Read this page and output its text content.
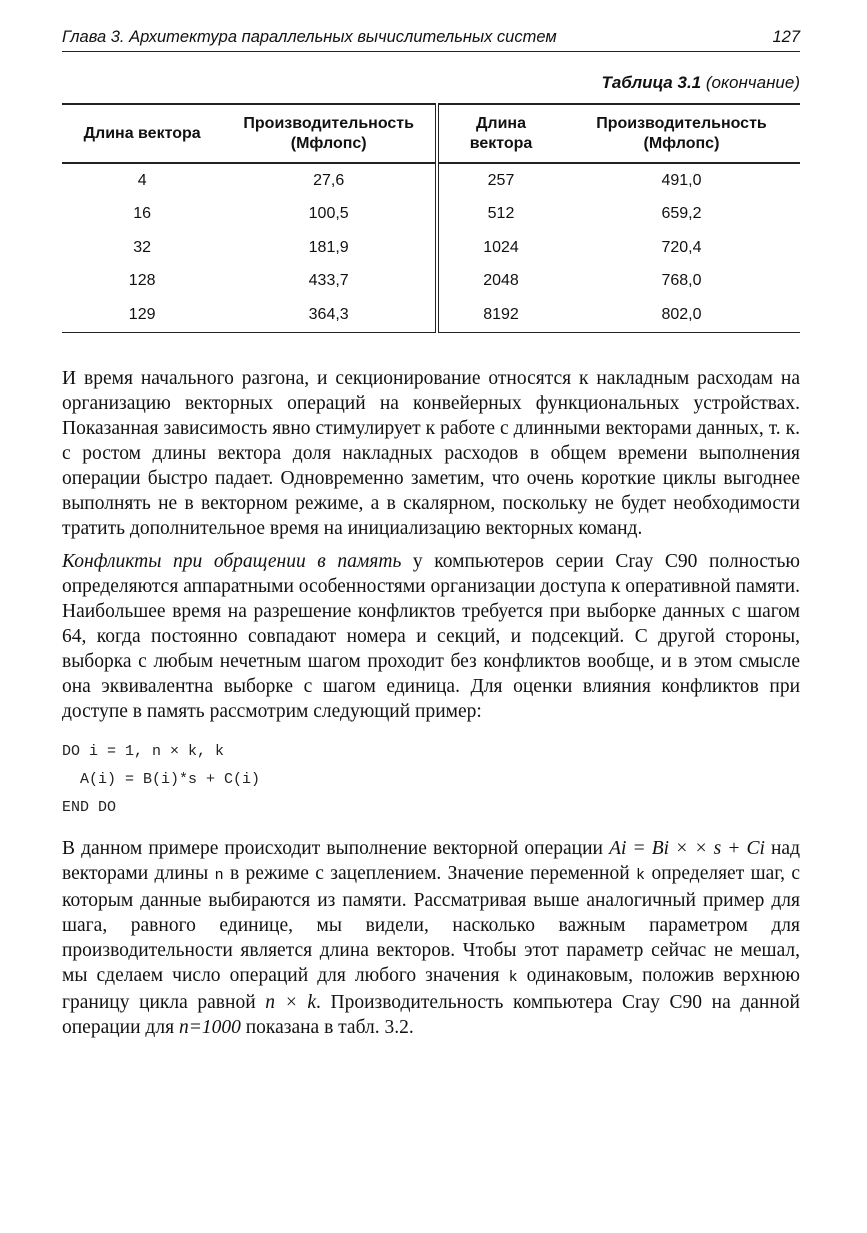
Глава 3. Архитектура параллельных вычислительных систем	127
Таблица 3.1 (окончание)
Длина вектора	Производительность (Мфлопс)	Длина вектора	Производительность (Мфлопс)
4	27,6	257	491,0
16	100,5	512	659,2
32	181,9	1024	720,4
128	433,7	2048	768,0
129	364,3	8192	802,0

И время начального разгона, и секционирование относятся к накладным расходам на организацию векторных операций на конвейерных функциональных устройствах. Показанная зависимость явно стимулирует к работе с длинными векторами данных, т. к. с ростом длины вектора доля накладных расходов в общем времени выполнения операции быстро падает. Одновременно заметим, что очень короткие циклы выгоднее выполнять не в векторном режиме, а в скалярном, поскольку не будет необходимости тратить дополнительное время на инициализацию векторных команд.

Конфликты при обращении в память у компьютеров серии Cray C90 полностью определяются аппаратными особенностями организации доступа к оперативной памяти. Наибольшее время на разрешение конфликтов требуется при выборке данных с шагом 64, когда постоянно совпадают номера и секций, и подсекций. С другой стороны, выборка с любым нечетным шагом проходит без конфликтов вообще, и в этом смысле она эквивалентна выборке с шагом единица. Для оценки влияния конфликтов при доступе в память рассмотрим следующий пример:

DO i = 1, n × k, k
A(i) = B(i)*s + C(i)
END DO

В данном примере происходит выполнение векторной операции Ai = Bi × × s + Ci над векторами длины n в режиме с зацеплением. Значение переменной k определяет шаг, с которым данные выбираются из памяти. Рассматривая выше аналогичный пример для шага, равного единице, мы видели, насколько важным параметром для производительности является длина векторов. Чтобы этот параметр сейчас не мешал, мы сделаем число операций для любого значения k одинаковым, положив верхнюю границу цикла равной n × k. Производительность компьютера Cray C90 на данной операции для n=1000 показана в табл. 3.2.
